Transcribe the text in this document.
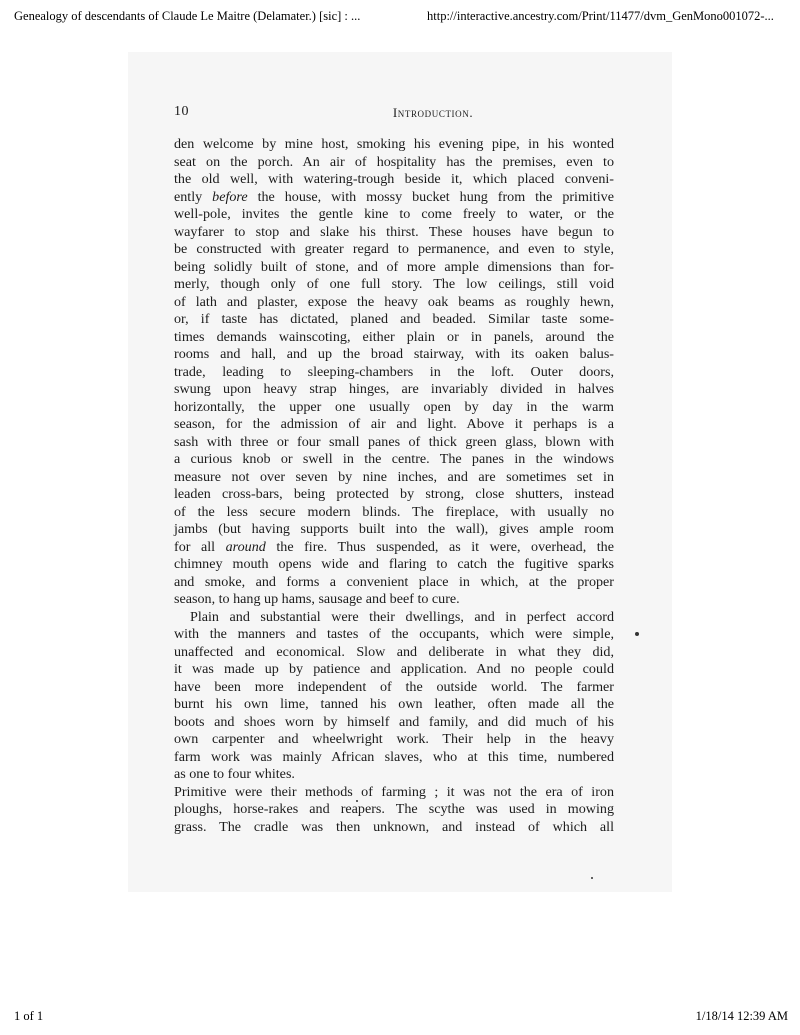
Genealogy of descendants of Claude Le Maitre (Delamater.) [sic] : ...	http://interactive.ancestry.com/Print/11477/dvm_GenMono001072-...
10	Introduction.
den welcome by mine host, smoking his evening pipe, in his wonted
seat on the porch. An air of hospitality has the premises, even to
the old well, with watering-trough beside it, which placed conveni-
ently before the house, with mossy bucket hung from the primitive
well-pole, invites the gentle kine to come freely to water, or the
wayfarer to stop and slake his thirst. These houses have begun to
be constructed with greater regard to permanence, and even to style,
being solidly built of stone, and of more ample dimensions than for-
merly, though only of one full story. The low ceilings, still void
of lath and plaster, expose the heavy oak beams as roughly hewn,
or, if taste has dictated, planed and beaded. Similar taste some-
times demands wainscoting, either plain or in panels, around the
rooms and hall, and up the broad stairway, with its oaken balus-
trade, leading to sleeping-chambers in the loft. Outer doors,
swung upon heavy strap hinges, are invariably divided in halves
horizontally, the upper one usually open by day in the warm
season, for the admission of air and light. Above it perhaps is a
sash with three or four small panes of thick green glass, blown with
a curious knob or swell in the centre. The panes in the windows
measure not over seven by nine inches, and are sometimes set in
leaden cross-bars, being protected by strong, close shutters, instead
of the less secure modern blinds. The fireplace, with usually no
jambs (but having supports built into the wall), gives ample room
for all around the fire. Thus suspended, as it were, overhead, the
chimney mouth opens wide and flaring to catch the fugitive sparks
and smoke, and forms a convenient place in which, at the proper
season, to hang up hams, sausage and beef to cure.
Plain and substantial were their dwellings, and in perfect accord
with the manners and tastes of the occupants, which were simple,
unaffected and economical. Slow and deliberate in what they did,
it was made up by patience and application. And no people could
have been more independent of the outside world. The farmer
burnt his own lime, tanned his own leather, often made all the
boots and shoes worn by himself and family, and did much of his
own carpenter and wheelwright work. Their help in the heavy
farm work was mainly African slaves, who at this time, numbered
as one to four whites.
Primitive were their methods of farming ; it was not the era of iron
ploughs, horse-rakes and reapers. The scythe was used in mowing
grass. The cradle was then unknown, and instead of which all
1 of 1	1/18/14 12:39 AM
